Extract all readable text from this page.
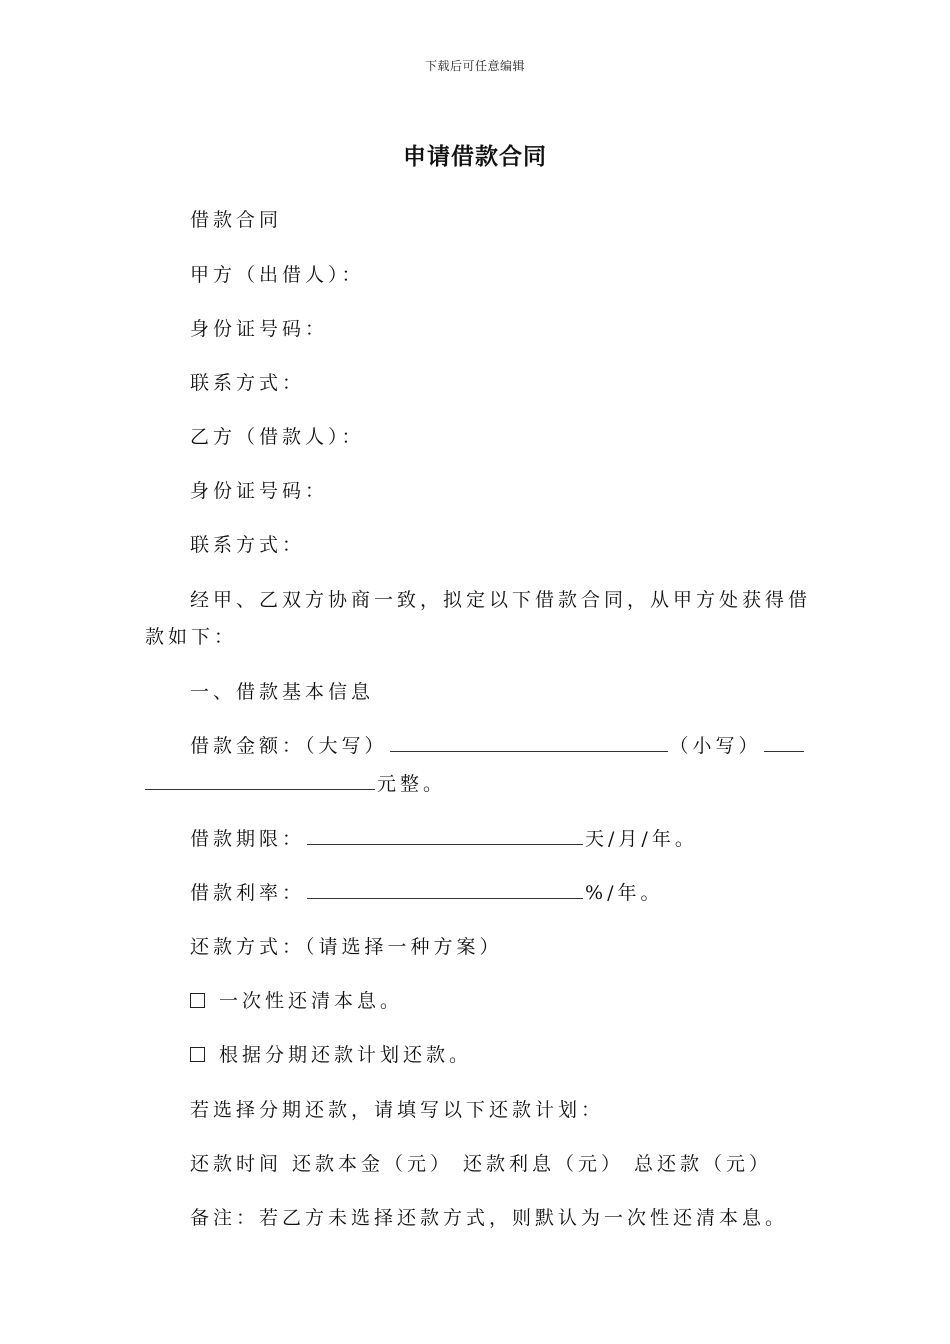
下载后可任意编辑
申请借款合同
借款合同
甲方（出借人）：
身份证号码：
联系方式：
乙方（借款人）：
身份证号码：
联系方式：
经甲、乙双方协商一致，拟定以下借款合同，从甲方处获得借
款如下：
一、借款基本信息
借款金额：（大写）	（小写）
元整。
借款期限：	天/月/年。
借款利率：	%/年。
还款方式：（请选择一种方案）
一次性还清本息。
根据分期还款计划还款。
若选择分期还款，请填写以下还款计划：
还款时间 还款本金（元） 还款利息（元） 总还款（元）
备注：若乙方未选择还款方式，则默认为一次性还清本息。
